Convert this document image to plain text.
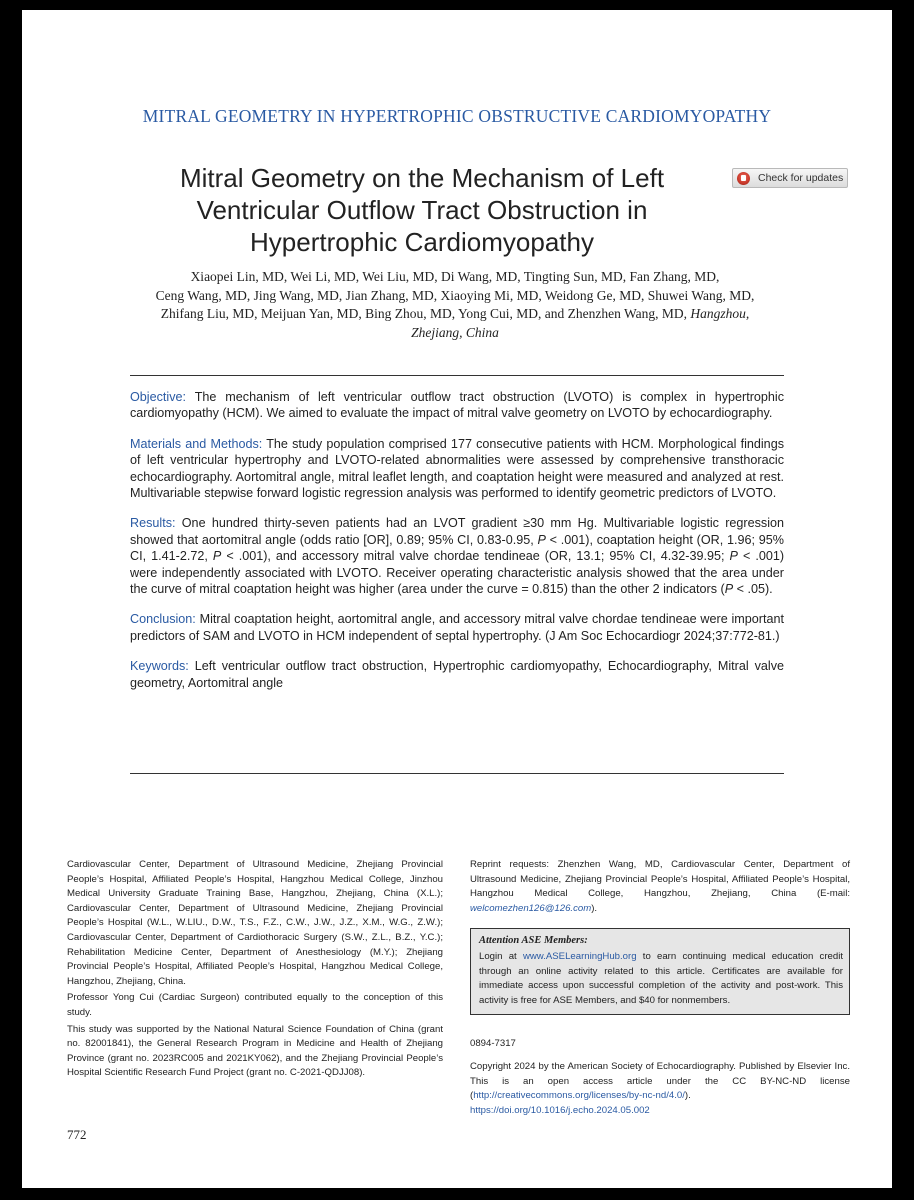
MITRAL GEOMETRY IN HYPERTROPHIC OBSTRUCTIVE CARDIOMYOPATHY
Mitral Geometry on the Mechanism of Left
Ventricular Outflow Tract Obstruction in
Hypertrophic Cardiomyopathy
Check for updates
Xiaopei Lin, MD, Wei Li, MD, Wei Liu, MD, Di Wang, MD, Tingting Sun, MD, Fan Zhang, MD,
Ceng Wang, MD, Jing Wang, MD, Jian Zhang, MD, Xiaoying Mi, MD, Weidong Ge, MD, Shuwei Wang, MD,
Zhifang Liu, MD, Meijuan Yan, MD, Bing Zhou, MD, Yong Cui, MD, and Zhenzhen Wang, MD, Hangzhou,
Zhejiang, China

Objective: The mechanism of left ventricular outflow tract obstruction (LVOTO) is complex in hypertrophic cardiomyopathy (HCM). We aimed to evaluate the impact of mitral valve geometry on LVOTO by echocardiography.

Materials and Methods: The study population comprised 177 consecutive patients with HCM. Morphological findings of left ventricular hypertrophy and LVOTO-related abnormalities were assessed by comprehensive transthoracic echocardiography. Aortomitral angle, mitral leaflet length, and coaptation height were measured and analyzed at rest. Multivariable stepwise forward logistic regression analysis was performed to identify geometric predictors of LVOTO.

Results: One hundred thirty-seven patients had an LVOT gradient ≥30 mm Hg. Multivariable logistic regression showed that aortomitral angle (odds ratio [OR], 0.89; 95% CI, 0.83-0.95, P < .001), coaptation height (OR, 1.96; 95% CI, 1.41-2.72, P < .001), and accessory mitral valve chordae tendineae (OR, 13.1; 95% CI, 4.32-39.95; P < .001) were independently associated with LVOTO. Receiver operating characteristic analysis showed that the area under the curve of mitral coaptation height was higher (area under the curve = 0.815) than the other 2 indicators (P < .05).

Conclusion: Mitral coaptation height, aortomitral angle, and accessory mitral valve chordae tendineae were important predictors of SAM and LVOTO in HCM independent of septal hypertrophy. (J Am Soc Echocardiogr 2024;37:772-81.)

Keywords: Left ventricular outflow tract obstruction, Hypertrophic cardiomyopathy, Echocardiography, Mitral valve geometry, Aortomitral angle

Cardiovascular Center, Department of Ultrasound Medicine, Zhejiang Provincial People’s Hospital, Affiliated People’s Hospital, Hangzhou Medical College, Jinzhou Medical University Graduate Training Base, Hangzhou, Zhejiang, China (X.L.); Cardiovascular Center, Department of Ultrasound Medicine, Zhejiang Provincial People’s Hospital (W.L., W.LIU., D.W., T.S., F.Z., C.W., J.W., J.Z., X.M., W.G., Z.W.); Cardiovascular Center, Department of Cardiothoracic Surgery (S.W., Z.L., B.Z., Y.C.); Rehabilitation Medicine Center, Department of Anesthesiology (M.Y.); Zhejiang Provincial People’s Hospital, Affiliated People’s Hospital, Hangzhou Medical College, Hangzhou, Zhejiang, China.

Professor Yong Cui (Cardiac Surgeon) contributed equally to the conception of this study.

This study was supported by the National Natural Science Foundation of China (grant no. 82001841), the General Research Program in Medicine and Health of Zhejiang Province (grant no. 2023RC005 and 2021KY062), and the Zhejiang Provincial People’s Hospital Scientific Research Fund Project (grant no. C-2021-QDJJ08).

772
Reprint requests: Zhenzhen Wang, MD, Cardiovascular Center, Department of Ultrasound Medicine, Zhejiang Provincial People’s Hospital, Affiliated People’s Hospital, Hangzhou Medical College, Hangzhou, Zhejiang, China (E-mail: welcomezhen126@126.com).
Attention ASE Members:
Login at www.ASELearningHub.org to earn continuing medical education credit through an online activity related to this article. Certificates are available for immediate access upon successful completion of the activity and post-work. This activity is free for ASE Members, and $40 for nonmembers.
0894-7317
Copyright 2024 by the American Society of Echocardiography. Published by Elsevier Inc. This is an open access article under the CC BY-NC-ND license (http://creativecommons.org/licenses/by-nc-nd/4.0/).
https://doi.org/10.1016/j.echo.2024.05.002
